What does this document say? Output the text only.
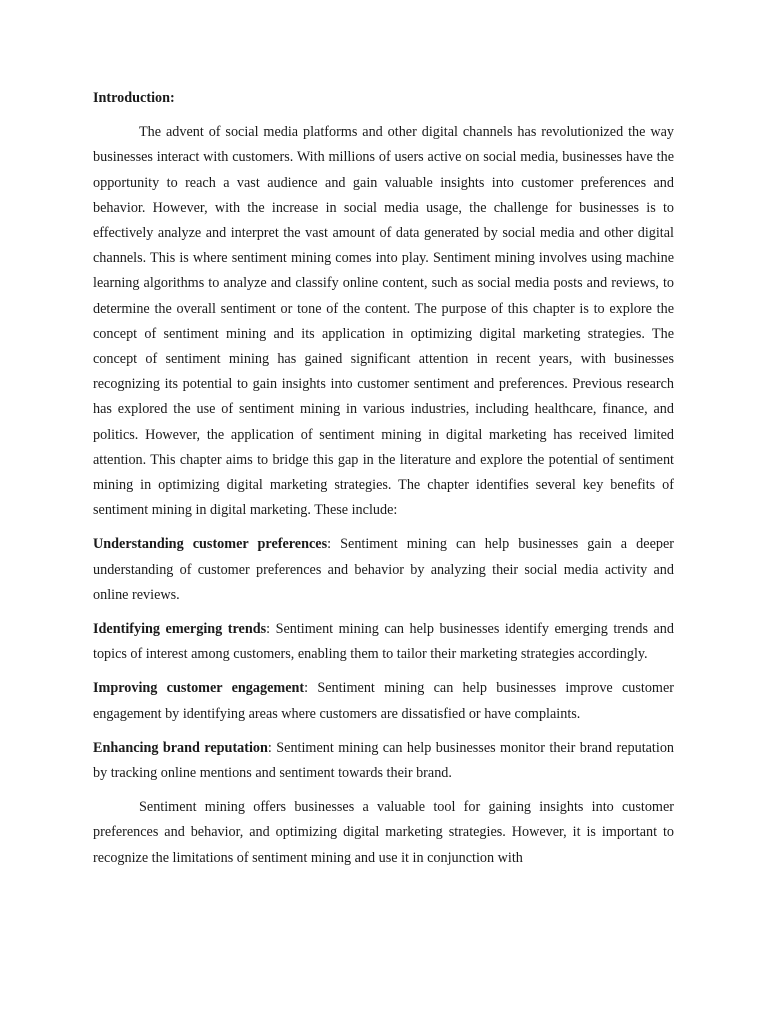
Introduction:

The advent of social media platforms and other digital channels has revolutionized the way businesses interact with customers. With millions of users active on social media, businesses have the opportunity to reach a vast audience and gain valuable insights into customer preferences and behavior. However, with the increase in social media usage, the challenge for businesses is to effectively analyze and interpret the vast amount of data generated by social media and other digital channels. This is where sentiment mining comes into play. Sentiment mining involves using machine learning algorithms to analyze and classify online content, such as social media posts and reviews, to determine the overall sentiment or tone of the content. The purpose of this chapter is to explore the concept of sentiment mining and its application in optimizing digital marketing strategies. The concept of sentiment mining has gained significant attention in recent years, with businesses recognizing its potential to gain insights into customer sentiment and preferences. Previous research has explored the use of sentiment mining in various industries, including healthcare, finance, and politics. However, the application of sentiment mining in digital marketing has received limited attention. This chapter aims to bridge this gap in the literature and explore the potential of sentiment mining in optimizing digital marketing strategies. The chapter identifies several key benefits of sentiment mining in digital marketing. These include:

Understanding customer preferences: Sentiment mining can help businesses gain a deeper understanding of customer preferences and behavior by analyzing their social media activity and online reviews.

Identifying emerging trends: Sentiment mining can help businesses identify emerging trends and topics of interest among customers, enabling them to tailor their marketing strategies accordingly.

Improving customer engagement: Sentiment mining can help businesses improve customer engagement by identifying areas where customers are dissatisfied or have complaints.

Enhancing brand reputation: Sentiment mining can help businesses monitor their brand reputation by tracking online mentions and sentiment towards their brand.

Sentiment mining offers businesses a valuable tool for gaining insights into customer preferences and behavior, and optimizing digital marketing strategies. However, it is important to recognize the limitations of sentiment mining and use it in conjunction with
